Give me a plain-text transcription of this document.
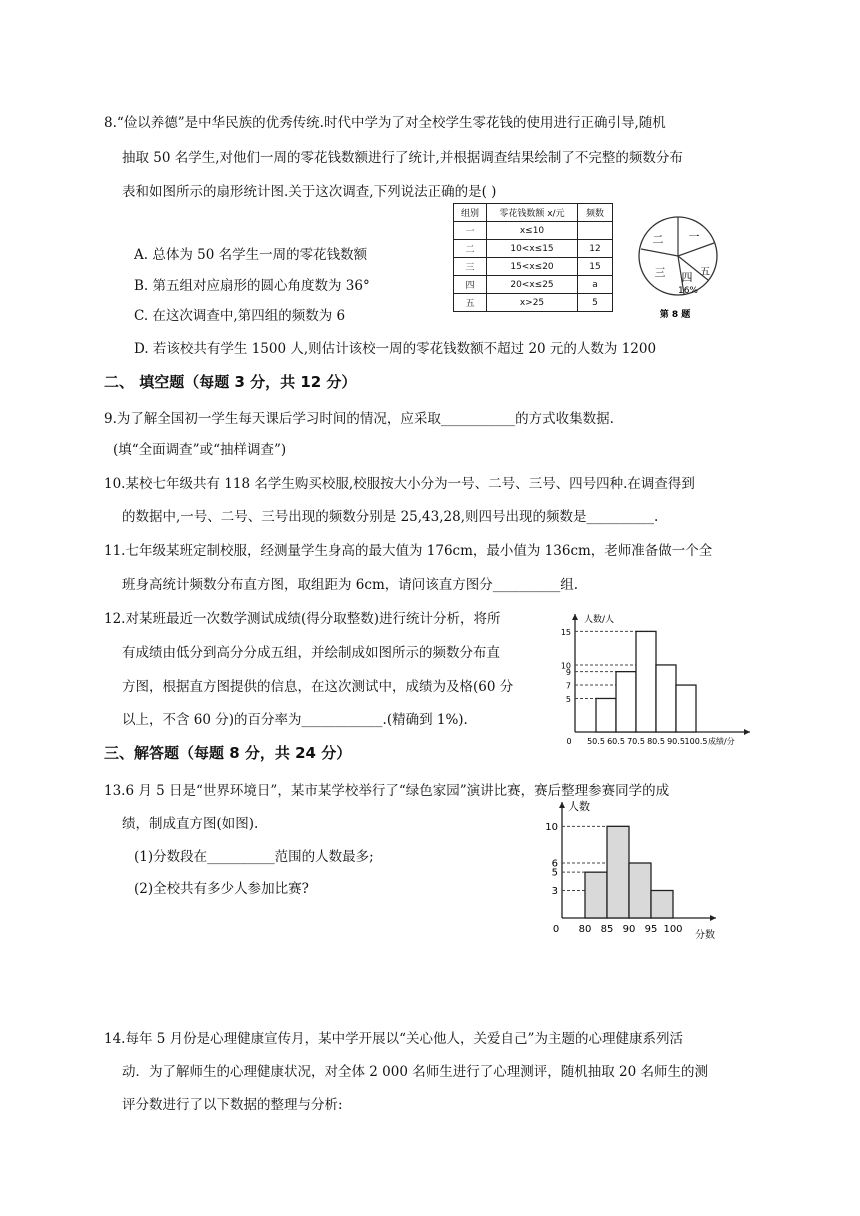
8.“俭以养德”是中华民族的优秀传统.时代中学为了对全校学生零花钱的使用进行正确引导,随机
抽取 50 名学生,对他们一周的零花钱数额进行了统计,并根据调查结果绘制了不完整的频数分布
表和如图所示的扇形统计图.关于这次调查,下列说法正确的是( )
A. 总体为 50 名学生一周的零花钱数额
B. 第五组对应扇形的圆心角度数为 36°
C. 在这次调查中,第四组的频数为 6
D. 若该校共有学生 1500 人,则估计该校一周的零花钱数额不超过 20 元的人数为 1200
组别	零花钱数额 x/元	频数
一	x≤10	
二	10<x≤15	12
三	15<x≤20	15
四	20<x≤25	a
五	x>25	5
二 一
三 四 五
16%
第 8 题
二、 填空题（每题 3 分，共 12 分）
9.为了解全国初一学生每天课后学习时间的情况，应采取___________的方式收集数据.
(填“全面调查”或“抽样调查”)
10.某校七年级共有 118 名学生购买校服,校服按大小分为一号、二号、三号、四号四种.在调查得到
的数据中,一号、二号、三号出现的频数分别是 25,43,28,则四号出现的频数是__________.
11.七年级某班定制校服，经测量学生身高的最大值为 176cm，最小值为 136cm，老师准备做一个全
班身高统计频数分布直方图，取组距为 6cm，请问该直方图分__________组.
12.对某班最近一次数学测试成绩(得分取整数)进行统计分析，将所
有成绩由低分到高分分成五组，并绘制成如图所示的频数分布直
方图，根据直方图提供的信息，在这次测试中，成绩为及格(60 分
以上，不含 60 分)的百分率为____________.(精确到 1%).
5
7
9
10
15
50.5 60.5 70.5 80.5 90.5 100.5
0
人数/人
成绩/分
三、解答题（每题 8 分，共 24 分）
13.6 月 5 日是“世界环境日”，某市某学校举行了“绿色家园”演讲比赛，赛后整理参赛同学的成
绩，制成直方图(如图).
(1)分数段在__________范围的人数最多;
(2)全校共有多少人参加比赛?	3
5
6
10
80 85 90 95 100
0
人数
分数
14.每年 5 月份是心理健康宣传月，某中学开展以“关心他人，关爱自己”为主题的心理健康系列活
动．为了解师生的心理健康状况，对全体 2 000 名师生进行了心理测评，随机抽取 20 名师生的测
评分数进行了以下数据的整理与分析:
